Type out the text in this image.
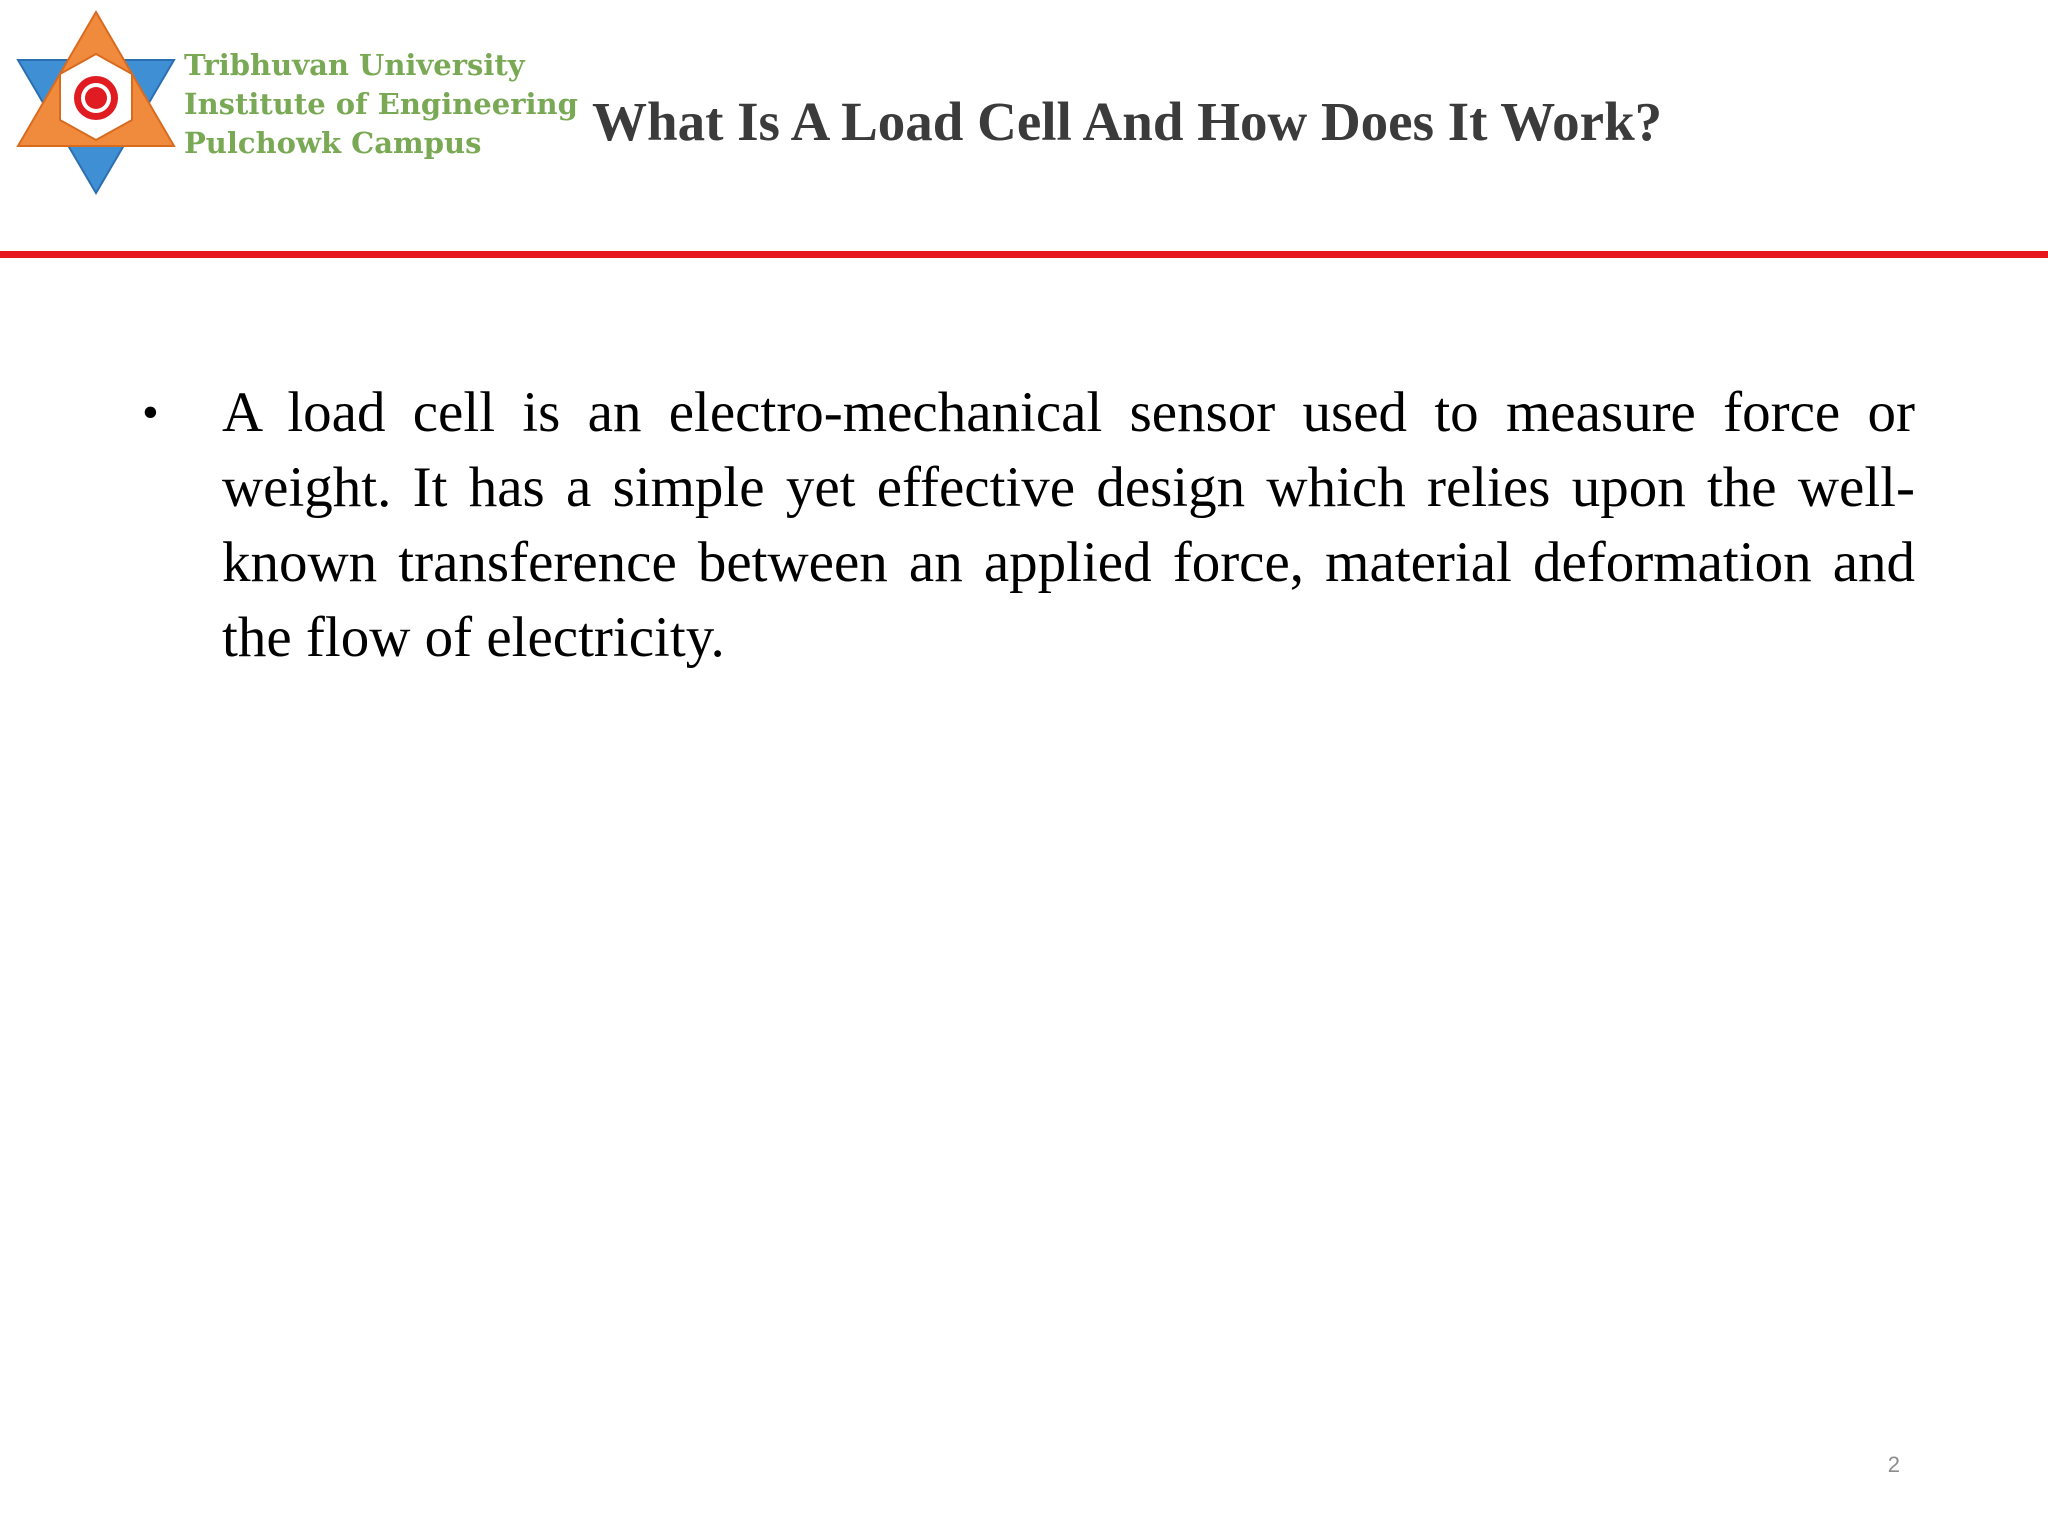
Tribhuvan University
Institute of Engineering
Pulchowk Campus	What Is A Load Cell And How Does It Work?
• A load cell is an electro-mechanical sensor used to measure force or weight. It has a simple yet effective design which relies upon the well-known transference between an applied force, material deformation and the flow of electricity.

2
